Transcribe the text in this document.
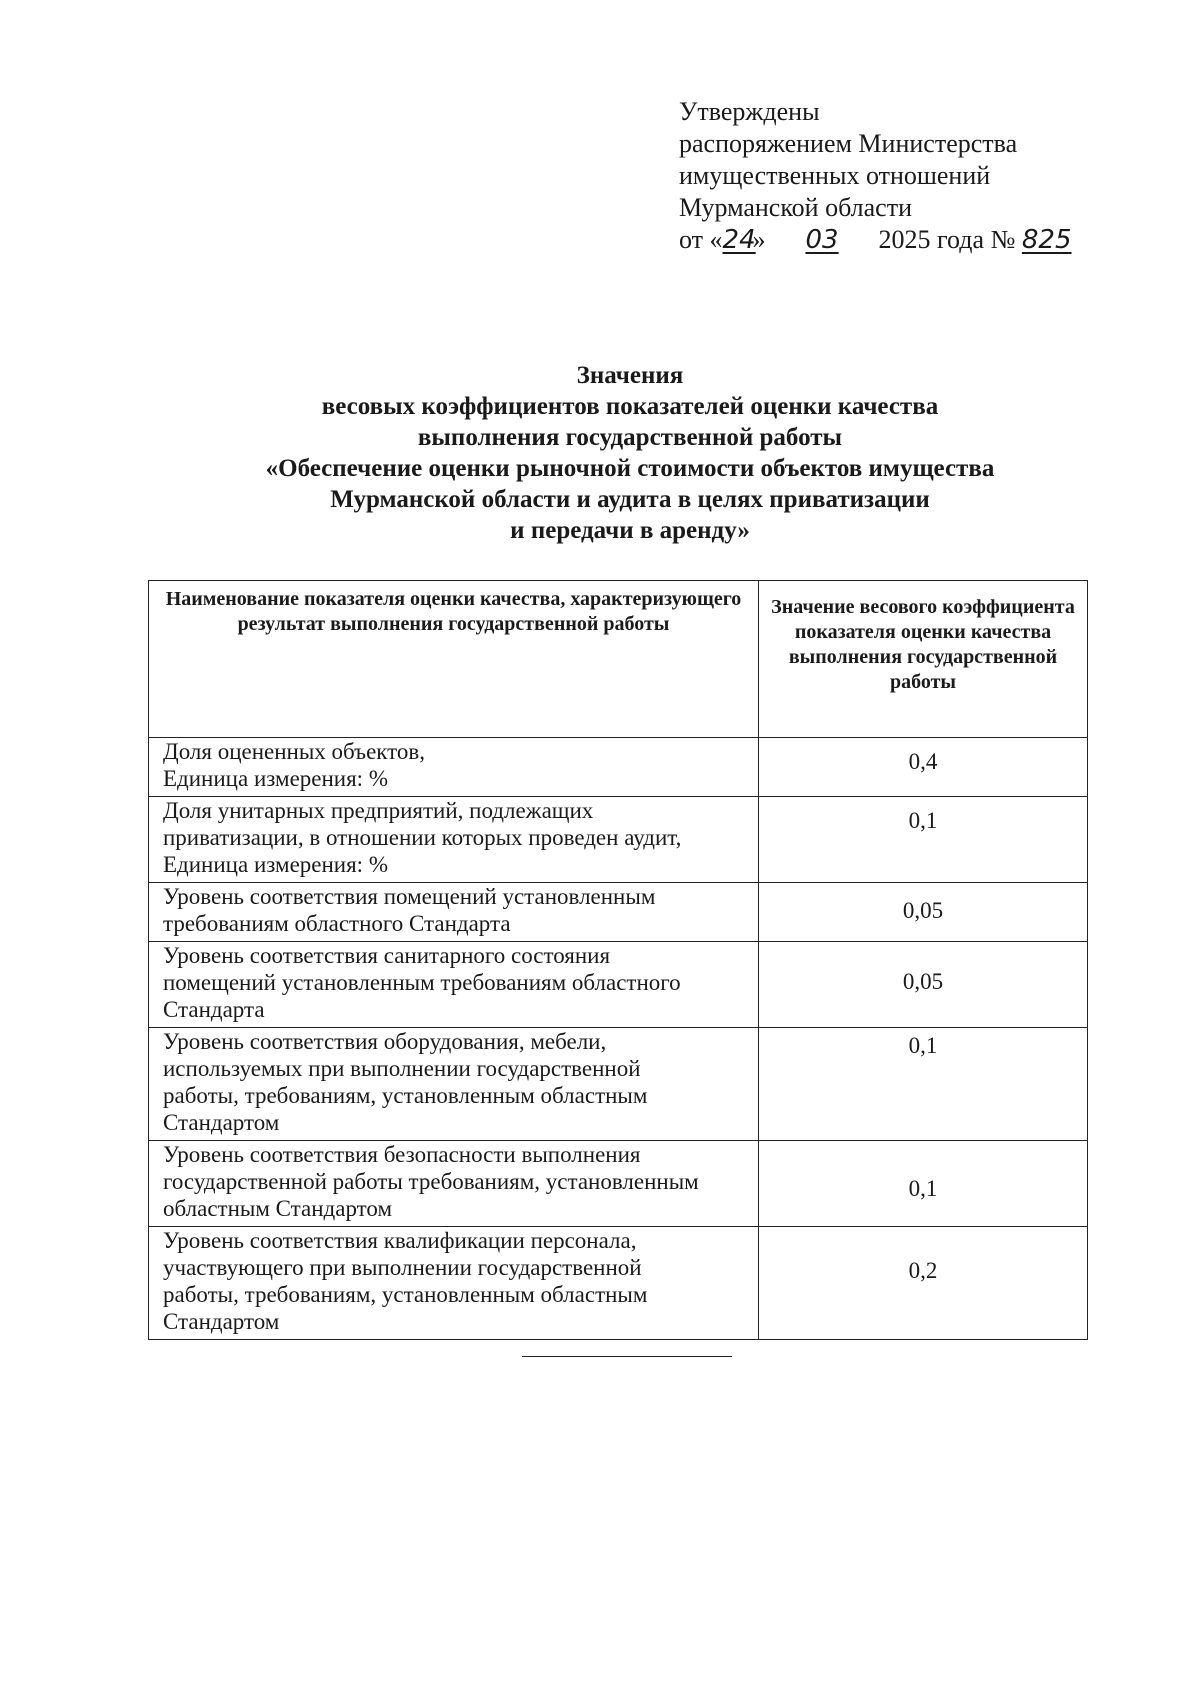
Утверждены
распоряжением Министерства
имущественных отношений
Мурманской области
от «24» 03 2025 года № 825
Значения
весовых коэффициентов показателей оценки качества
выполнения государственной работы
«Обеспечение оценки рыночной стоимости объектов имущества
Мурманской области и аудита в целях приватизации
и передачи в аренду»
Наименование показателя оценки качества, характеризующего результат выполнения государственной работы	Значение весового коэффициента показателя оценки качества выполнения государственной работы

Доля оцененных объектов,
Единица измерения: %	0,4

Доля унитарных предприятий, подлежащих
приватизации, в отношении которых проведен аудит,
Единица измерения: %	0,1

Уровень соответствия помещений установленным
требованиям областного Стандарта	0,05

Уровень соответствия санитарного состояния
помещений установленным требованиям областного
Стандарта	0,05

Уровень соответствия оборудования, мебели,
используемых при выполнении государственной
работы, требованиям, установленным областным
Стандартом	0,1

Уровень соответствия безопасности выполнения
государственной работы требованиям, установленным
областным Стандартом	0,1

Уровень соответствия квалификации персонала,
участвующего при выполнении государственной
работы, требованиям, установленным областным
Стандартом	0,2
